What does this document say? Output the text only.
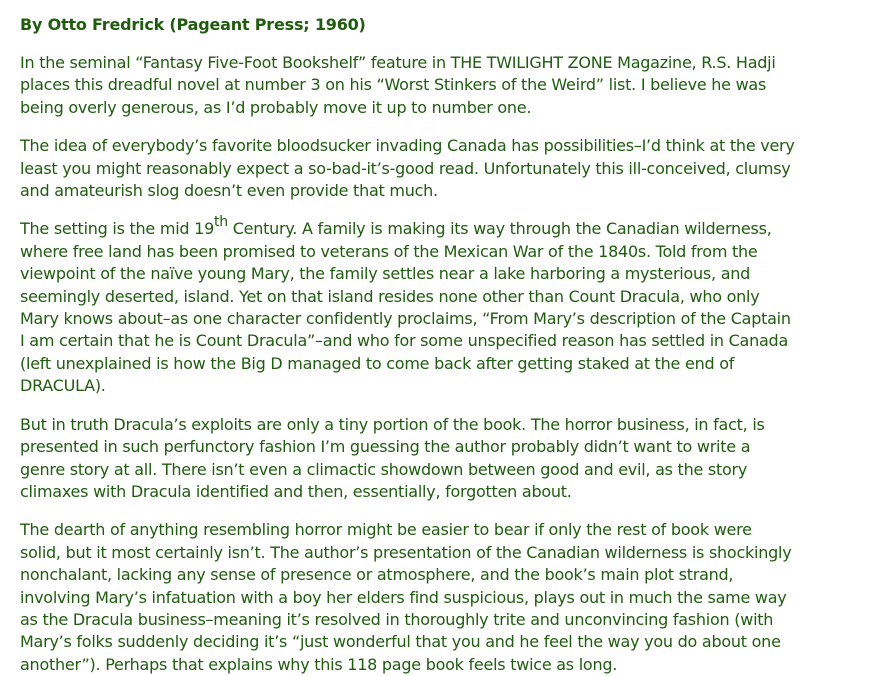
By Otto Fredrick (Pageant Press; 1960)

In the seminal “Fantasy Five-Foot Bookshelf” feature in THE TWILIGHT ZONE Magazine, R.S. Hadji places this dreadful novel at number 3 on his “Worst Stinkers of the Weird” list. I believe he was being overly generous, as I’d probably move it up to number one.

The idea of everybody’s favorite bloodsucker invading Canada has possibilities–I’d think at the very least you might reasonably expect a so-bad-it’s-good read. Unfortunately this ill-conceived, clumsy and amateurish slog doesn’t even provide that much.

The setting is the mid 19th Century. A family is making its way through the Canadian wilderness, where free land has been promised to veterans of the Mexican War of the 1840s. Told from the viewpoint of the naïve young Mary, the family settles near a lake harboring a mysterious, and seemingly deserted, island. Yet on that island resides none other than Count Dracula, who only Mary knows about–as one character confidently proclaims, “From Mary’s description of the Captain I am certain that he is Count Dracula”–and who for some unspecified reason has settled in Canada (left unexplained is how the Big D managed to come back after getting staked at the end of DRACULA).

But in truth Dracula’s exploits are only a tiny portion of the book. The horror business, in fact, is presented in such perfunctory fashion I’m guessing the author probably didn’t want to write a genre story at all. There isn’t even a climactic showdown between good and evil, as the story climaxes with Dracula identified and then, essentially, forgotten about.

The dearth of anything resembling horror might be easier to bear if only the rest of book were solid, but it most certainly isn’t. The author’s presentation of the Canadian wilderness is shockingly nonchalant, lacking any sense of presence or atmosphere, and the book’s main plot strand, involving Mary’s infatuation with a boy her elders find suspicious, plays out in much the same way as the Dracula business–meaning it’s resolved in thoroughly trite and unconvincing fashion (with Mary’s folks suddenly deciding it’s “just wonderful that you and he feel the way you do about one another”). Perhaps that explains why this 118 page book feels twice as long.
